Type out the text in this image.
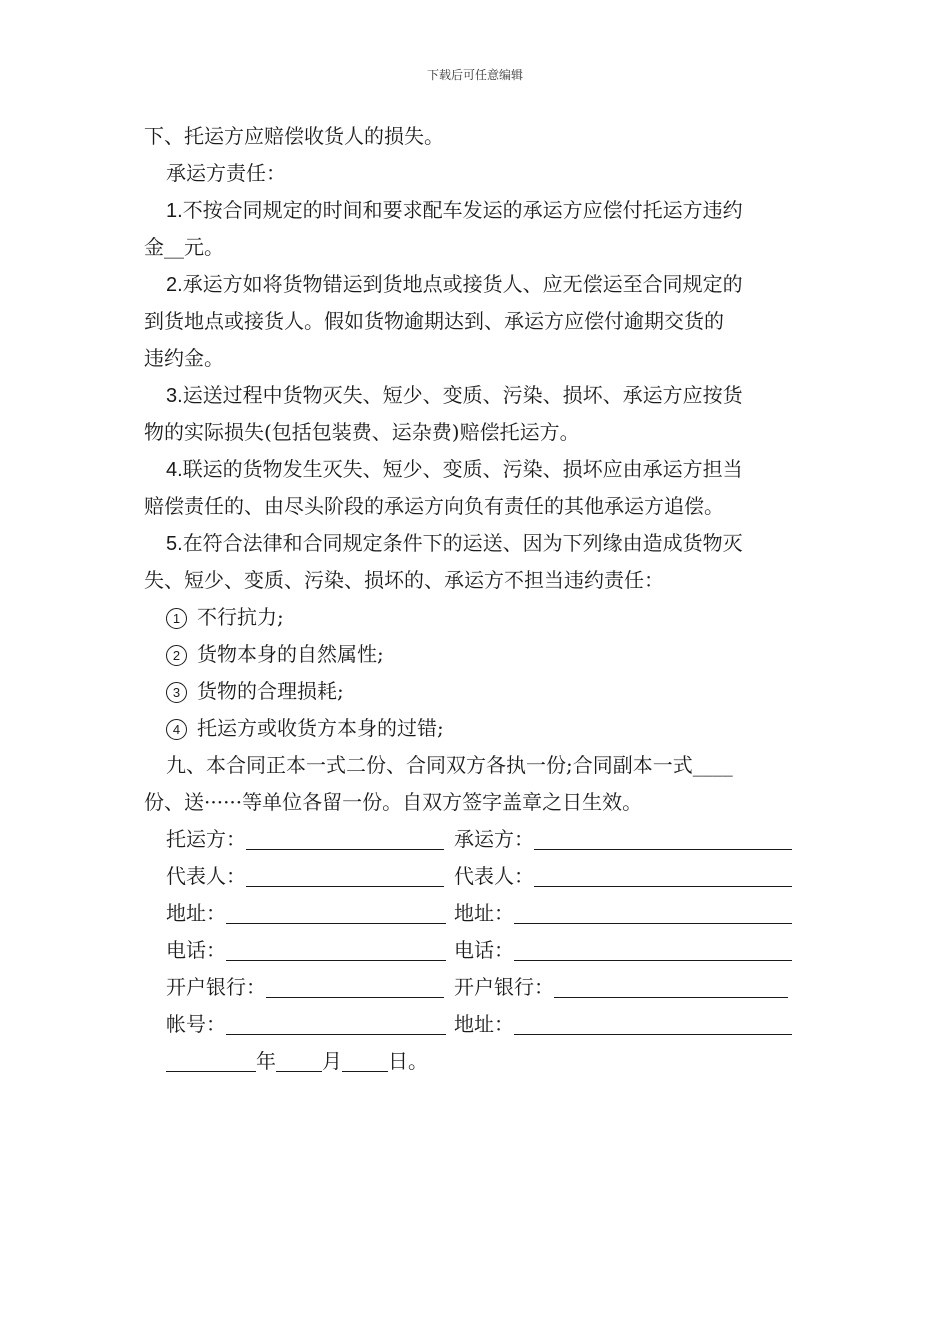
下载后可任意编辑
下、托运方应赔偿收货人的损失。
承运方责任：
1.不按合同规定的时间和要求配车发运的承运方应偿付托运方违约
金__元。
2.承运方如将货物错运到货地点或接货人、应无偿运至合同规定的
到货地点或接货人。假如货物逾期达到、承运方应偿付逾期交货的
违约金。
3.运送过程中货物灭失、短少、变质、污染、损坏、承运方应按货
物的实际损失(包括包装费、运杂费)赔偿托运方。
4.联运的货物发生灭失、短少、变质、污染、损坏应由承运方担当
赔偿责任的、由尽头阶段的承运方向负有责任的其他承运方追偿。
5.在符合法律和合同规定条件下的运送、因为下列缘由造成货物灭
失、短少、变质、污染、损坏的、承运方不担当违约责任：
1 不行抗力;
2 货物本身的自然属性;
3 货物的合理损耗;
4 托运方或收货方本身的过错;
九、本合同正本一式二份、合同双方各执一份;合同副本一式____
份、送······等单位各留一份。自双方签字盖章之日生效。
托运方：	承运方：
代表人：	代表人：
地址：	地址：
电话：	电话：
开户银行：	开户银行：
帐号：	地址：
年 月 日。
